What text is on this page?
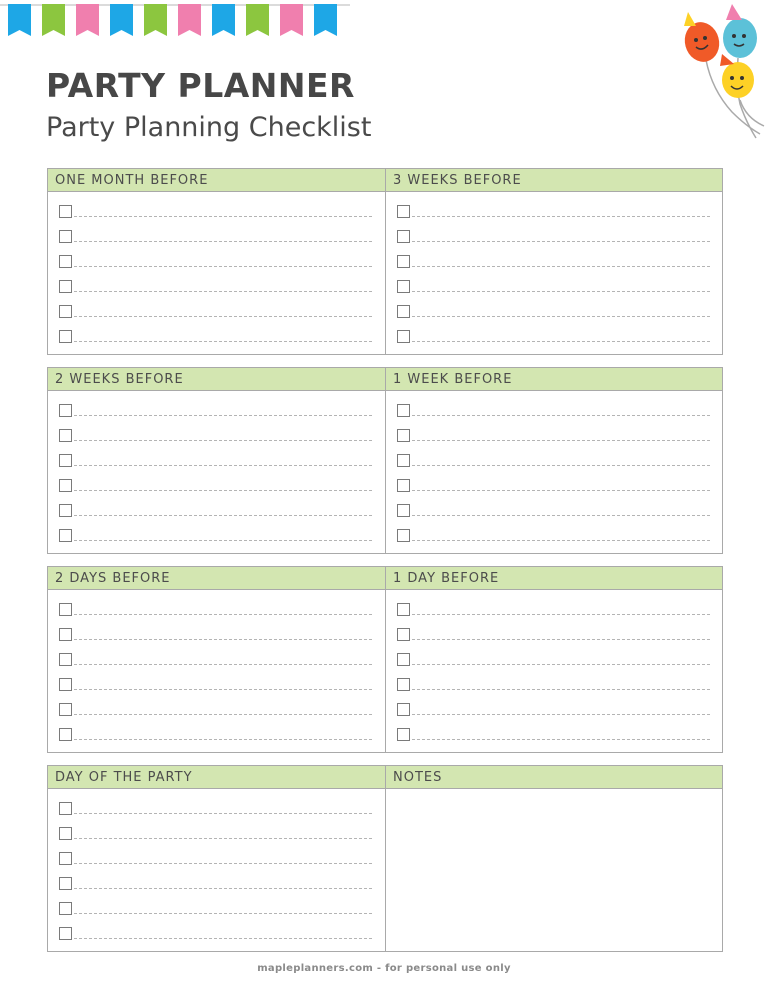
PARTY PLANNER
Party Planning Checklist
ONE MONTH BEFORE	3 WEEKS BEFORE
2 WEEKS BEFORE	1 WEEK BEFORE
2 DAYS BEFORE	1 DAY BEFORE
DAY OF THE PARTY	NOTES
mapleplanners.com - for personal use only
